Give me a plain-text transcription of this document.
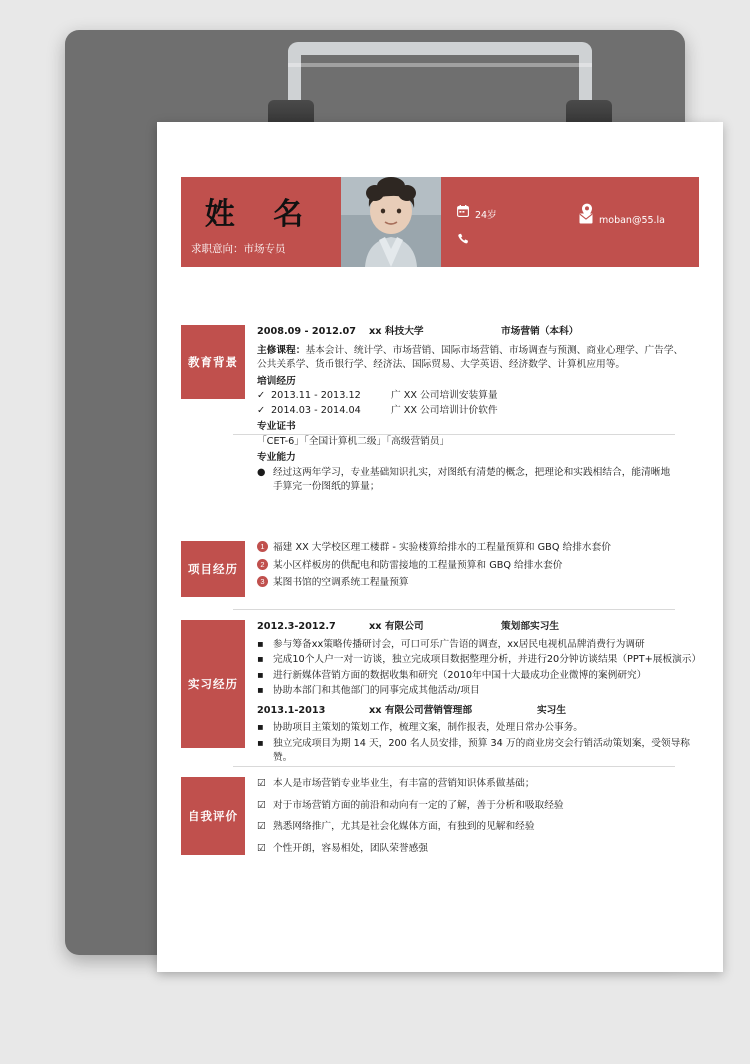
姓 名
求职意向：市场专员
24岁	moban@55.la
教育背景
2008.09 - 2012.07	xx 科技大学	市场营销（本科）
主修课程：基本会计、统计学、市场营销、国际市场营销、市场调查与预测、商业心理学、广告学、
公共关系学、货币银行学、经济法、国际贸易、大学英语、经济数学、计算机应用等。
培训经历
✓ 2013.11 - 2013.12	广 XX 公司培训安装算量
✓ 2014.03 - 2014.04	广 XX 公司培训计价软件
专业证书
「CET-6」「全国计算机二级」「高级营销员」
专业能力
● 经过这两年学习，专业基础知识扎实，对图纸有清楚的概念，把理论和实践相结合，能清晰地
手算完一份图纸的算量；
项目经历
1 福建 XX 大学校区理工楼群 - 实验楼算给排水的工程量预算和 GBQ 给排水套价
2 某小区样板房的供配电和防雷接地的工程量预算和 GBQ 给排水套价
3 某图书馆的空调系统工程量预算
实习经历
2012.3-2012.7	xx 有限公司	策划部实习生
▪ 参与筹备xx策略传播研讨会，可口可乐广告语的调查，xx居民电视机品牌消费行为调研
▪ 完成10个人户一对一访谈，独立完成项目数据整理分析，并进行20分钟访谈结果（PPT+展板演示）
▪ 进行新媒体营销方面的数据收集和研究（2010年中国十大最成功企业微博的案例研究）
▪ 协助本部门和其他部门的同事完成其他活动/项目
2013.1-2013	xx 有限公司营销管理部	实习生
▪ 协助项目主策划的策划工作，梳理文案，制作报表，处理日常办公事务。
▪ 独立完成项目为期 14 天，200 名人员安排，预算 34 万的商业房交会行销活动策划案，受领导称赞。
自我评价
☑ 本人是市场营销专业毕业生，有丰富的营销知识体系做基础；
☑ 对于市场营销方面的前沿和动向有一定的了解，善于分析和吸取经验
☑ 熟悉网络推广，尤其是社会化媒体方面，有独到的见解和经验
☑ 个性开朗，容易相处，团队荣誉感强
